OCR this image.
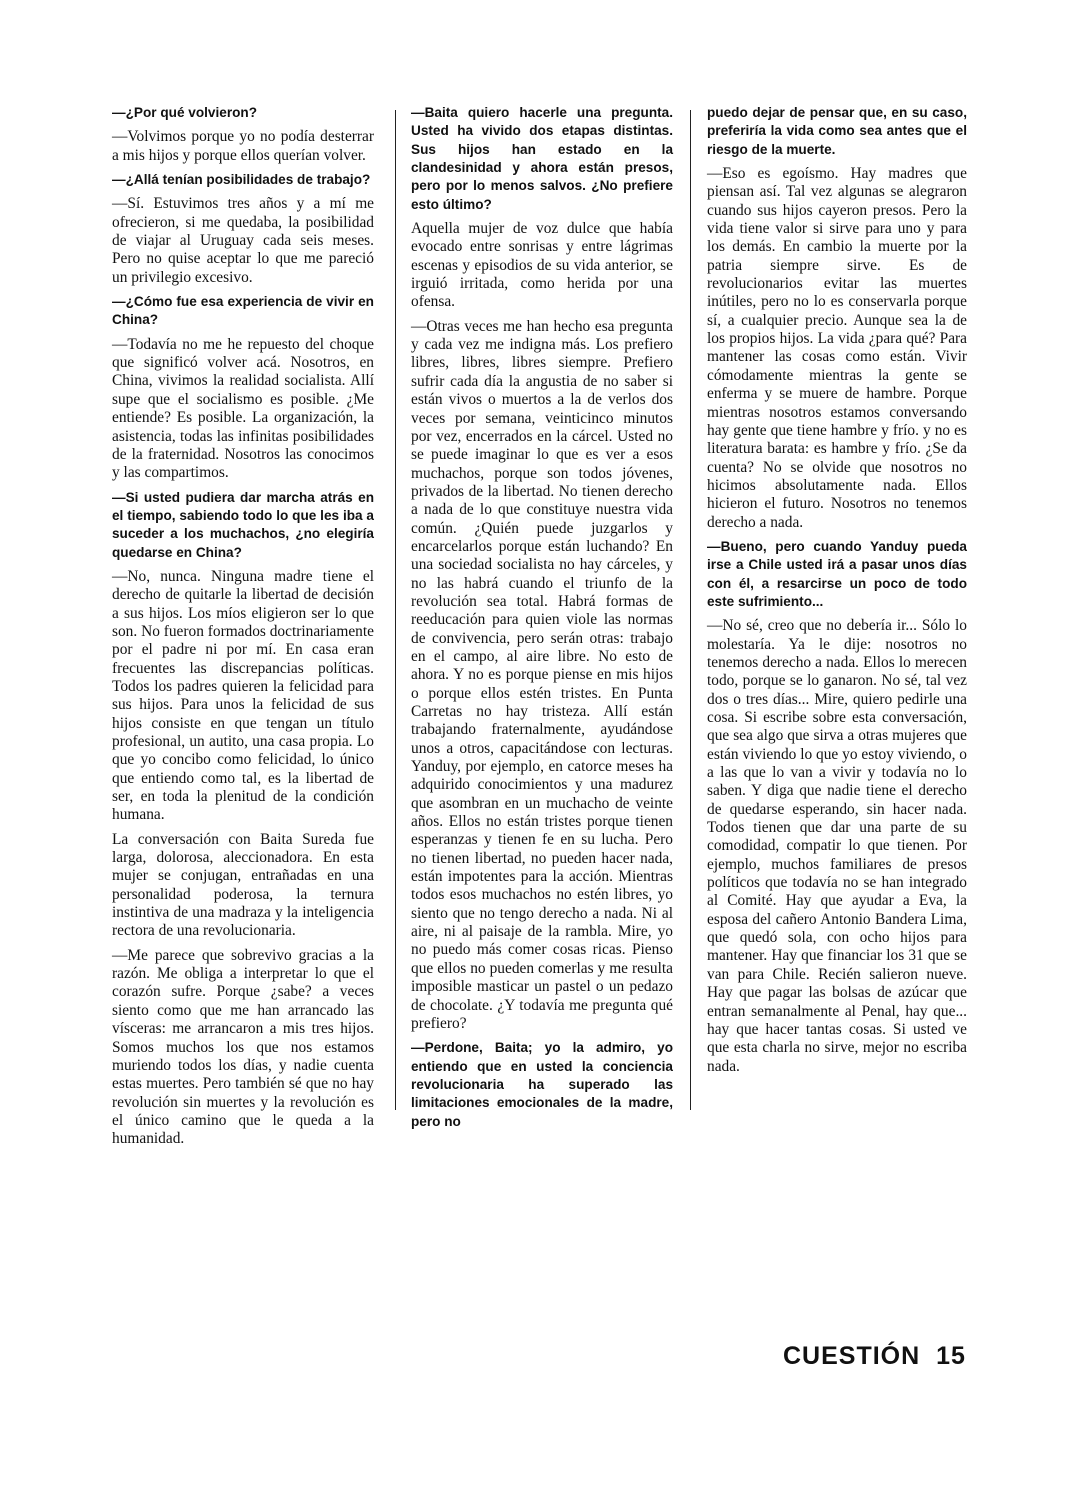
—¿Por qué volvieron?

—Volvimos porque yo no podía desterrar a mis hijos y porque ellos querían volver.

—¿Allá tenían posibilidades de trabajo?

—Sí. Estuvimos tres años y a mí me ofrecieron, si me quedaba, la posibilidad de viajar al Uruguay cada seis meses. Pero no quise aceptar lo que me pareció un privilegio excesivo.

—¿Cómo fue esa experiencia de vivir en China?

—Todavía no me he repuesto del choque que significó volver acá. Nosotros, en China, vivimos la realidad socialista. Allí supe que el socialismo es posible. ¿Me entiende? Es posible. La organización, la asistencia, todas las infinitas posibilidades de la fraternidad. Nosotros las conocimos y las compartimos.

—Si usted pudiera dar marcha atrás en el tiempo, sabiendo todo lo que les iba a suceder a los muchachos, ¿no elegiría quedarse en China?

—No, nunca. Ninguna madre tiene el derecho de quitarle la libertad de decisión a sus hijos. Los míos eligieron ser lo que son. No fueron formados doctrinariamente por el padre ni por mí. En casa eran frecuentes las discrepancias políticas. Todos los padres quieren la felicidad para sus hijos. Para unos la felicidad de sus hijos consiste en que tengan un título profesional, un autito, una casa propia. Lo que yo concibo como felicidad, lo único que entiendo como tal, es la libertad de ser, en toda la plenitud de la condición humana.

La conversación con Baita Sureda fue larga, dolorosa, aleccionadora. En esta mujer se conjugan, entrañadas en una personalidad poderosa, la ternura instintiva de una madraza y la inteligencia rectora de una revolucionaria.

—Me parece que sobrevivo gracias a la razón. Me obliga a interpretar lo que el corazón sufre. Porque ¿sabe? a veces siento como que me han arrancado las vísceras: me arrancaron a mis tres hijos. Somos muchos los que nos estamos muriendo todos los días, y nadie cuenta estas muertes. Pero también sé que no hay revolución sin muertes y la revolución es el único camino que le queda a la humanidad.

—Baita quiero hacerle una pregunta. Usted ha vivido dos etapas distintas. Sus hijos han estado en la clandesinidad y ahora están presos, pero por lo menos salvos. ¿No prefiere esto último?

Aquella mujer de voz dulce que había evocado entre sonrisas y entre lágrimas escenas y episodios de su vida anterior, se irguió irritada, como herida por una ofensa.

—Otras veces me han hecho esa pregunta y cada vez me indigna más. Los prefiero libres, libres, libres siempre. Prefiero sufrir cada día la angustia de no saber si están vivos o muertos a la de verlos dos veces por semana, veinticinco minutos por vez, encerrados en la cárcel. Usted no se puede imaginar lo que es ver a esos muchachos, porque son todos jóvenes, privados de la libertad. No tienen derecho a nada de lo que constituye nuestra vida común. ¿Quién puede juzgarlos y encarcelarlos porque están luchando? En una sociedad socialista no hay cárceles, y no las habrá cuando el triunfo de la revolución sea total. Habrá formas de reeducación para quien viole las normas de convivencia, pero serán otras: trabajo en el campo, al aire libre. No esto de ahora. Y no es porque piense en mis hijos o porque ellos estén tristes. En Punta Carretas no hay tristeza. Allí están trabajando fraternalmente, ayudándose unos a otros, capacitándose con lecturas. Yanduy, por ejemplo, en catorce meses ha adquirido conocimientos y una madurez que asombran en un muchacho de veinte años. Ellos no están tristes porque tienen esperanzas y tienen fe en su lucha. Pero no tienen libertad, no pueden hacer nada, están impotentes para la acción. Mientras todos esos muchachos no estén libres, yo siento que no tengo derecho a nada. Ni al aire, ni al paisaje de la rambla. Mire, yo no puedo más comer cosas ricas. Pienso que ellos no pueden comerlas y me resulta imposible masticar un pastel o un pedazo de chocolate. ¿Y todavía me pregunta qué prefiero?

—Perdone, Baita; yo la admiro, yo entiendo que en usted la conciencia revolucionaria ha superado las limitaciones emocionales de la madre, pero no

puedo dejar de pensar que, en su caso, preferiría la vida como sea antes que el riesgo de la muerte.

—Eso es egoísmo. Hay madres que piensan así. Tal vez algunas se alegraron cuando sus hijos cayeron presos. Pero la vida tiene valor si sirve para uno y para los demás. En cambio la muerte por la patria siempre sirve. Es de revolucionarios evitar las muertes inútiles, pero no lo es conservarla porque sí, a cualquier precio. Aunque sea la de los propios hijos. La vida ¿para qué? Para mantener las cosas como están. Vivir cómodamente mientras la gente se enferma y se muere de hambre. Porque mientras nosotros estamos conversando hay gente que tiene hambre y frío. y no es literatura barata: es hambre y frío. ¿Se da cuenta? No se olvide que nosotros no hicimos absolutamente nada. Ellos hicieron el futuro. Nosotros no tenemos derecho a nada.

—Bueno, pero cuando Yanduy pueda irse a Chile usted irá a pasar unos días con él, a resarcirse un poco de todo este sufrimiento...

—No sé, creo que no debería ir... Sólo lo molestaría. Ya le dije: nosotros no tenemos derecho a nada. Ellos lo merecen todo, porque se lo ganaron. No sé, tal vez dos o tres días... Mire, quiero pedirle una cosa. Si escribe sobre esta conversación, que sea algo que sirva a otras mujeres que están viviendo lo que yo estoy viviendo, o a las que lo van a vivir y todavía no lo saben. Y diga que nadie tiene el derecho de quedarse esperando, sin hacer nada. Todos tienen que dar una parte de su comodidad, compatir lo que tienen. Por ejemplo, muchos familiares de presos políticos que todavía no se han integrado al Comité. Hay que ayudar a Eva, la esposa del cañero Antonio Bandera Lima, que quedó sola, con ocho hijos para mantener. Hay que financiar los 31 que se van para Chile. Recién salieron nueve. Hay que pagar las bolsas de azúcar que entran semanalmente al Penal, hay que... hay que hacer tantas cosas. Si usted ve que esta charla no sirve, mejor no escriba nada.

CUESTIÓN 15
